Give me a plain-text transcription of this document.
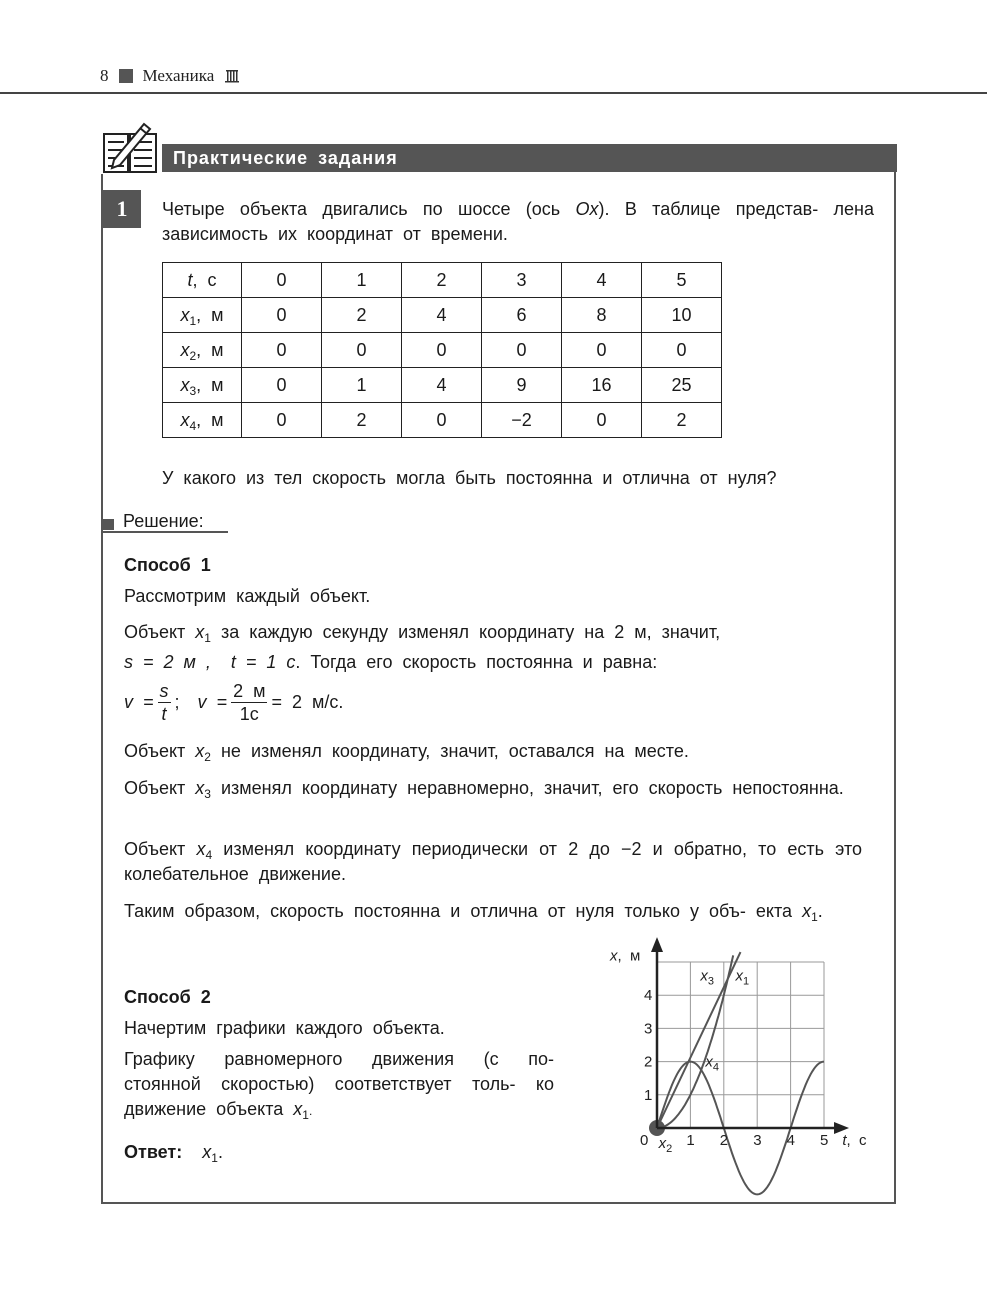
8 Механика
Практические задания
1	Четыре объекта двигались по шоссе (ось Ox). В таблице представ- лена зависимость их координат от времени.
t,  с	0	1	2	3	4	5
$x_1$,  м	0	2	4	6	8	10
$x_2$,  м	0	0	0	0	0	0
$x_3$,  м	0	1	4	9	16	25
$x_4$,  м	0	2	0	−2	0	2
У какого из тел скорость могла быть постоянна и отлична от нуля?
Решение:
Способ 1
Рассмотрим каждый объект.
Объект $x_1$ за каждую секунду изменял координату на 2 м, значит,
s = 2 м , t = 1 с. Тогда его скорость постоянна и равна:
$v = \frac{s}{t}$ ;
$v = \frac{2 м}{1с} = 2$ м/с.
Объект $x_2$ не изменял координату, значит, оставался на месте.
Объект $x_3$ изменял координату неравномерно, значит, его скорость непостоянна.
Объект $x_4$ изменял координату периодически от 2 до −2 и обратно, то есть это колебательное движение.
Таким образом, скорость постоянна и отлична от нуля только у объ- екта $x_1$.
Способ 2
Начертим графики каждого объекта.
Графику равномерного движения (с по- стоянной скоростью) соответствует толь- ко движение объекта $x_1$.
Ответ: $x_1$.
0	1 2 3 4 5
1
2
3
4
t,  с
x,  м
$x_1$
$x_2$
$x_3$
$x_4$
